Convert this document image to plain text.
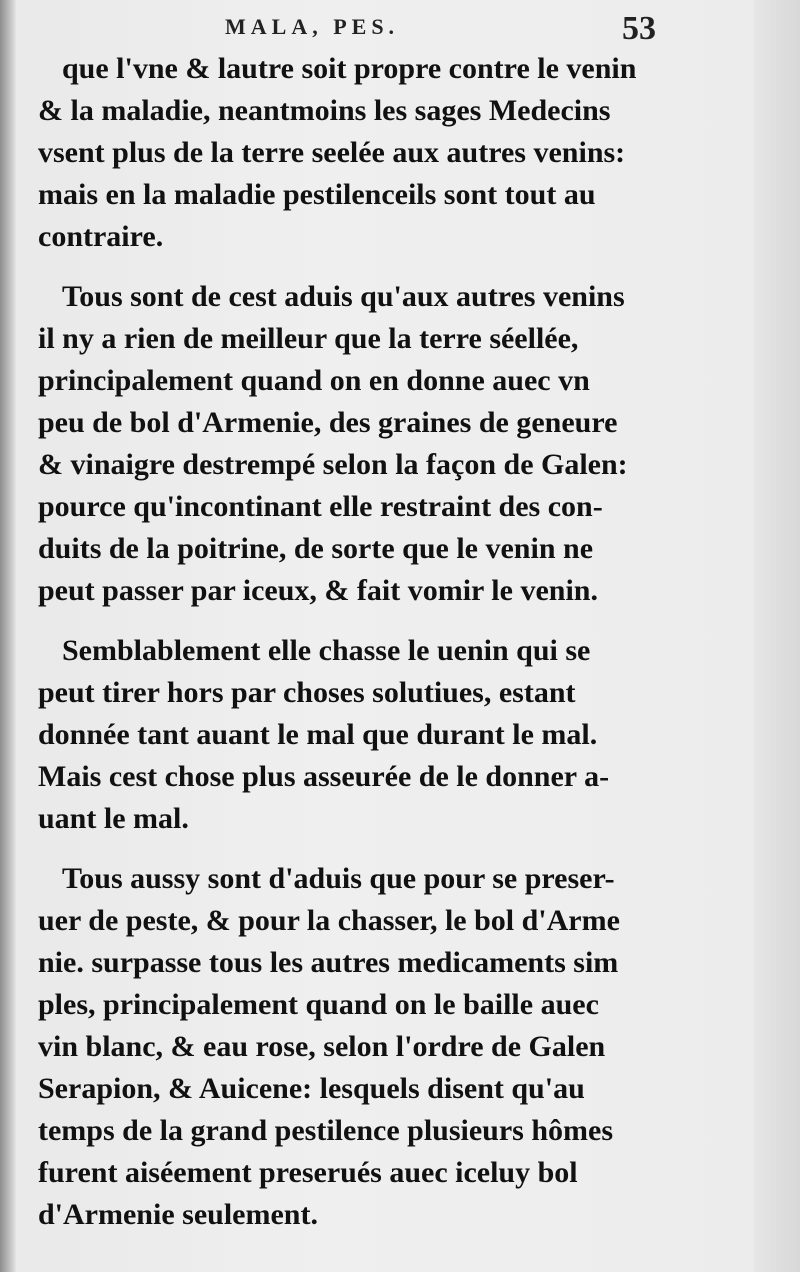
MALA, PES.	53
que l'vne & lautre soit propre contre le venin
& la maladie, neantmoins les sages Medecins
vsent plus de la terre seelée aux autres venins:
mais en la maladie pestilenceils sont tout au
contraire.
Tous sont de cest aduis qu'aux autres venins
il ny a rien de meilleur que la terre séellée,
principalement quand on en donne auec vn
peu de bol d'Armenie, des graines de geneure
& vinaigre destrempé selon la façon de Galen:
pource qu'incontinant elle restraint des con-
duits de la poitrine, de sorte que le venin ne
peut passer par iceux, & fait vomir le venin.
Semblablement elle chasse le uenin qui se
peut tirer hors par choses solutiues, estant
donnée tant auant le mal que durant le mal.
Mais cest chose plus asseurée de le donner a-
uant le mal.
Tous aussy sont d'aduis que pour se preser-
uer de peste, & pour la chasser, le bol d'Arme
nie. surpasse tous les autres medicaments sim
ples, principalement quand on le baille auec
vin blanc, & eau rose, selon l'ordre de Galen
Serapion, & Auicene: lesquels disent qu'au
temps de la grand pestilence plusieurs hômes
furent aiséement preserués auec iceluy bol
d'Armenie seulement.
